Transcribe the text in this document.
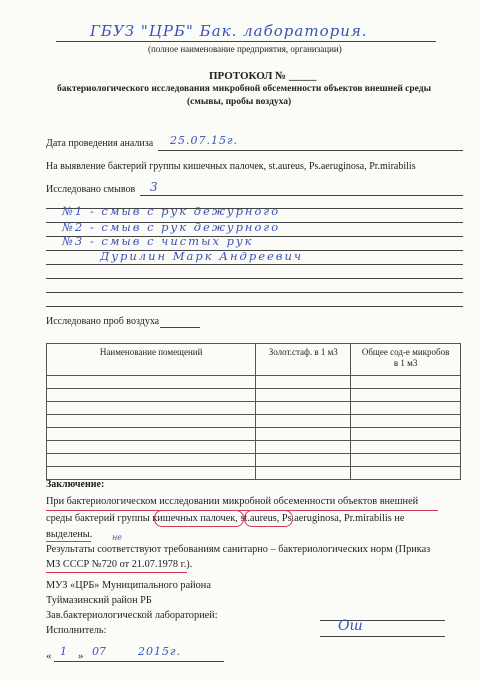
ГБУЗ "ЦРБ" Бак. лаборатория.
(полное наименование предприятия, организации)
ПРОТОКОЛ № _____
бактериологического исследования микробной обсеменности объектов внешней среды
(смывы, пробы воздуха)
Дата проведения анализа 25.07.15г.
На выявление бактерий группы кишечных палочек, st.aureus, Ps.aeruginosa, Pr.mirabilis
Исследовано смывов 3
№1 - смыв с рук дежурного
№2 - смыв с рук дежурного
№3 - смыв с чистых рук
Дурилин Марк Андреевич
Исследовано проб воздуха
Наименование помещений	Золот.стаф. в 1 м3	Общее сод-е микробов в 1 м3

Заключение:
При бактериологическом исследовании микробной обсеменности объектов внешней
среды бактерий группы кишечных палочек, st.aureus, Ps.aeruginosa, Pr.mirabilis не
выделены. не
Результаты соответствуют требованиям санитарно – бактериологических норм (Приказ
МЗ СССР №720 от 21.07.1978 г.).
МУЗ «ЦРБ» Муниципального района
Туймазинский район РБ
Зав.бактериологической лабораторией:
Исполнитель:	Ош
« 1 » 07	2015г.
